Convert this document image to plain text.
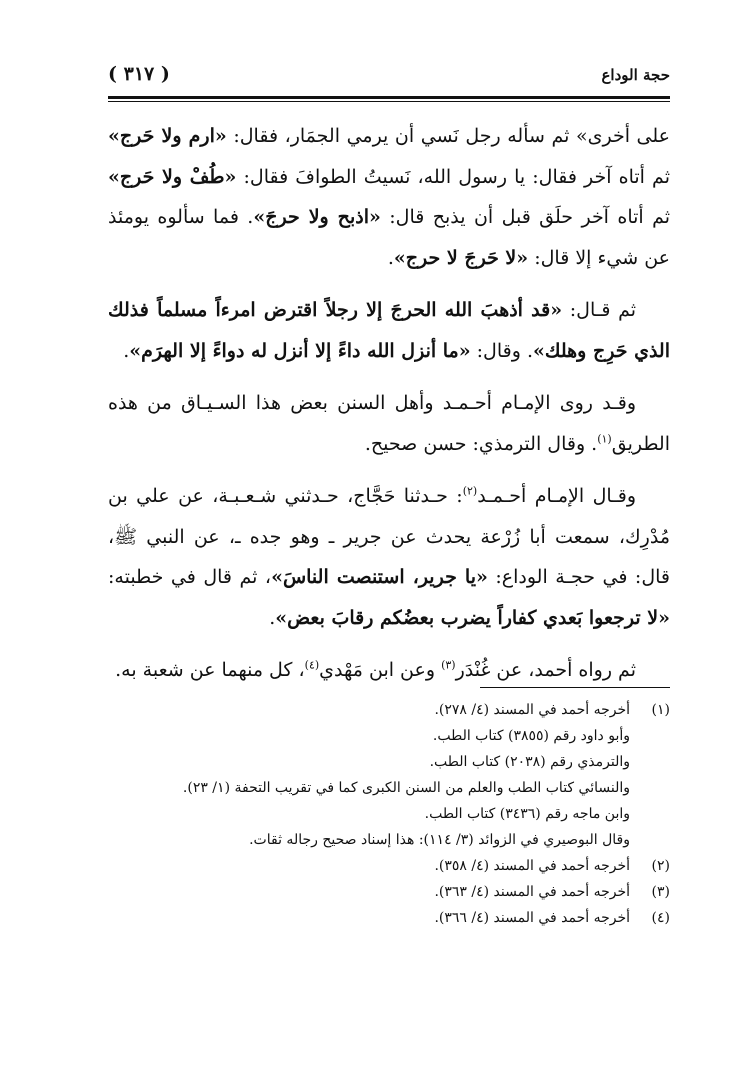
حجة الوداع
( ٣١٧ )

على أخرى» ثم سأله رجل نَسي أن يرمي الجمَار، فقال: «ارم ولا حَرج» ثم أتاه آخر فقال: يا رسول الله، نَسيتُ الطوافَ فقال: «طُفْ ولا حَرج» ثم أتاه آخر حلَق قبل أن يذبح قال: «اذبح ولا حرجَ». فما سألوه يومئذ عن شيء إلا قال: «لا حَرجَ لا حرج».

ثم قـال: «قد أذهبَ الله الحرجَ إلا رجلاً اقترض امرءاً مسلماً فذلك الذي حَرِج وهلك». وقال: «ما أنزل الله داءً إلا أنزل له دواءً إلا الهرَم».

وقـد روى الإمـام أحـمـد وأهل السنن بعض هذا السـيـاق من هذه الطريق$^{(١)}$. وقال الترمذي: حسن صحيح.

وقـال الإمـام أحـمـد$^{(٢)}$: حـدثنا حَجَّاج، حـدثني شـعـبـة، عن علي بن مُدْرِك، سمعت أبا زُرْعة يحدث عن جرير ـ وهو جده ـ، عن النبي ﷺ، قال: في حجـة الوداع: «يا جرير، استنصت الناسَ»، ثم قال في خطبته: «لا ترجعوا بَعدي كفاراً يضرب بعضُكم رقابَ بعض».

ثم رواه أحمد، عن غُنْدَر$^{(٣)}$ وعن ابن مَهْدي$^{(٤)}$، كل منهما عن شعبة به.

(١)
أخرجه أحمد في المسند (٤/ ٢٧٨).
وأبو داود رقم (٣٨٥٥) كتاب الطب.
والترمذي رقم (٢٠٣٨) كتاب الطب.
والنسائي كتاب الطب والعلم من السنن الكبرى كما في تقريب التحفة (١/ ٢٣).
وابن ماجه رقم (٣٤٣٦) كتاب الطب.
وقال البوصيري في الزوائد (٣/ ١١٤): هذا إسناد صحيح رجاله ثقات.
(٢)
أخرجه أحمد في المسند (٤/ ٣٥٨).
(٣)
أخرجه أحمد في المسند (٤/ ٣٦٣).
(٤)
أخرجه أحمد في المسند (٤/ ٣٦٦).
